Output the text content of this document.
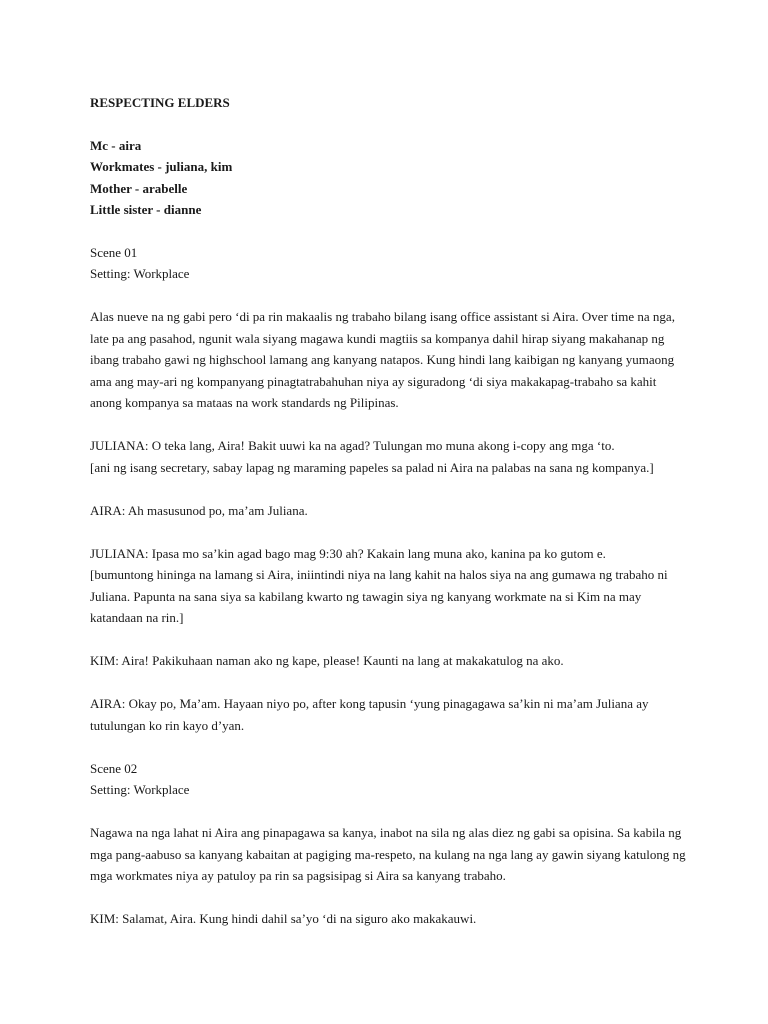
RESPECTING ELDERS
Mc - aira
Workmates - juliana, kim
Mother - arabelle
Little sister - dianne
Scene 01
Setting: Workplace

Alas nueve na ng gabi pero ‘di pa rin makaalis ng trabaho bilang isang office assistant si Aira. Over time na nga, late pa ang pasahod, ngunit wala siyang magawa kundi magtiis sa kompanya dahil hirap siyang makahanap ng ibang trabaho gawi ng highschool lamang ang kanyang natapos. Kung hindi lang kaibigan ng kanyang yumaong ama ang may-ari ng kompanyang pinagtatrabahuhan niya ay siguradong ‘di siya makakapag-trabaho sa kahit anong kompanya sa mataas na work standards ng Pilipinas.

JULIANA: O teka lang, Aira! Bakit uuwi ka na agad? Tulungan mo muna akong i-copy ang mga ‘to.
[ani ng isang secretary, sabay lapag ng maraming papeles sa palad ni Aira na palabas na sana ng kompanya.]

AIRA: Ah masusunod po, ma’am Juliana.

JULIANA: Ipasa mo sa’kin agad bago mag 9:30 ah? Kakain lang muna ako, kanina pa ko gutom e.
[bumuntong hininga na lamang si Aira, iniintindi niya na lang kahit na halos siya na ang gumawa ng trabaho ni Juliana. Papunta na sana siya sa kabilang kwarto ng tawagin siya ng kanyang workmate na si Kim na may katandaan na rin.]

KIM: Aira! Pakikuhaan naman ako ng kape, please! Kaunti na lang at makakatulog na ako.

AIRA: Okay po, Ma’am. Hayaan niyo po, after kong tapusin ‘yung pinagagawa sa’kin ni ma’am Juliana ay tutulungan ko rin kayo d’yan.

Scene 02
Setting: Workplace

Nagawa na nga lahat ni Aira ang pinapagawa sa kanya, inabot na sila ng alas diez ng gabi sa opisina. Sa kabila ng mga pang-aabuso sa kanyang kabaitan at pagiging ma-respeto, na kulang na nga lang ay gawin siyang katulong ng mga workmates niya ay patuloy pa rin sa pagsisipag si Aira sa kanyang trabaho.

KIM: Salamat, Aira. Kung hindi dahil sa’yo ‘di na siguro ako makakauwi.
